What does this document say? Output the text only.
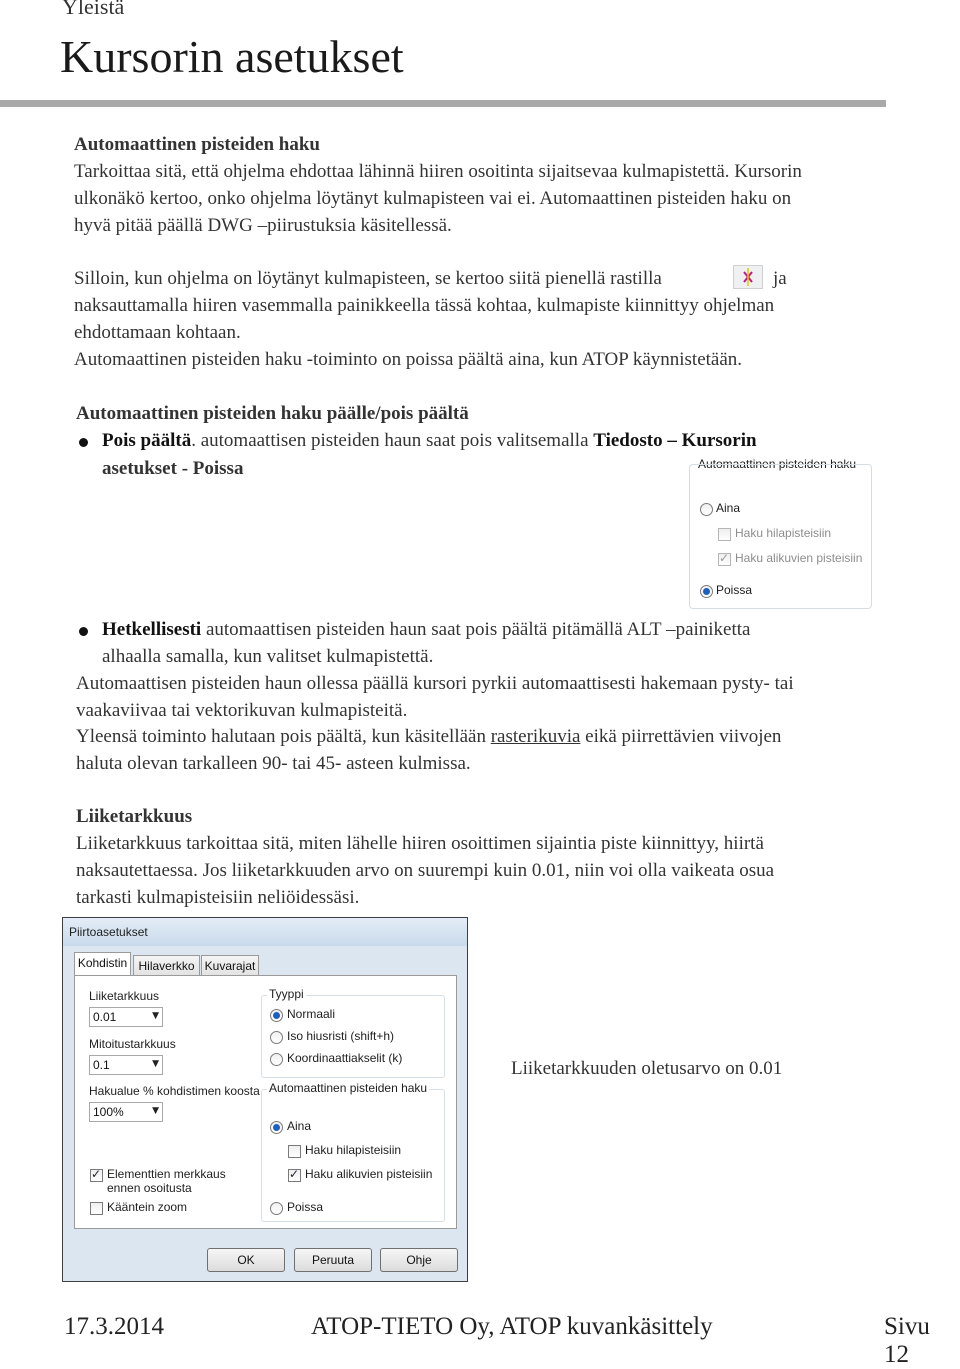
Yleistä
Kursorin asetukset

Automaattinen pisteiden haku

Tarkoittaa sitä, että ohjelma ehdottaa lähinnä hiiren osoitinta sijaitsevaa kulmapistettä. Kursorin

ulkonäkö kertoo, onko ohjelma löytänyt kulmapisteen vai ei. Automaattinen pisteiden haku on

hyvä pitää päällä DWG –piirustuksia käsitellessä.

Silloin, kun ohjelma on löytänyt kulmapisteen, se kertoo siitä pienellä rastilla	ja

naksauttamalla hiiren vasemmalla painikkeella tässä kohtaa, kulmapiste kiinnittyy ohjelman

ehdottamaan kohtaan.

Automaattinen pisteiden haku -toiminto on poissa päältä aina, kun ATOP käynnistetään.

Automaattinen pisteiden haku päälle/pois päältä

Pois päältä. automaattisen pisteiden haun saat pois valitsemalla Tiedosto – Kursorin

asetukset - Poissa	Automaattinen pisteiden haku
Aina
Haku hilapisteisiin
✓
Haku alikuvien pisteisiin
Poissa

Hetkellisesti automaattisen pisteiden haun saat pois päältä pitämällä ALT –painiketta

alhaalla samalla, kun valitset kulmapistettä.

Automaattisen pisteiden haun ollessa päällä kursori pyrkii automaattisesti hakemaan pysty- tai

vaakaviivaa tai vektorikuvan kulmapisteitä.

Yleensä toiminto halutaan pois päältä, kun käsitellään rasterikuvia eikä piirrettävien viivojen

haluta olevan tarkalleen 90- tai 45- asteen kulmissa.

Liiketarkkuus

Liiketarkkuus tarkoittaa sitä, miten lähelle hiiren osoittimen sijaintia piste kiinnittyy, hiirtä

naksautettaessa. Jos liiketarkkuuden arvo on suurempi kuin 0.01, niin voi olla vaikeata osua

tarkasti kulmapisteisiin neliöidessäsi.

Piirtoasetukset
Kohdistin Hilaverkko Kuvarajat
Liiketarkkuus
0.01	▼
Mitoitustarkkuus
0.1	▼
Hakualue % kohdistimen koosta
100%	▼
✓
Elementtien merkkaus
ennen osoitusta
Kääntein zoom
Tyyppi
Normaali
Iso hiusristi (shift+h)
Koordinaattiakselit (k)
Automaattinen pisteiden haku
Aina
Haku hilapisteisiin
✓
Haku alikuvien pisteisiin
Poissa
OK	Peruuta	Ohje

Liiketarkkuuden oletusarvo on 0.01

17.3.2014	ATOP-TIETO Oy, ATOP kuvankäsittely	Sivu 12
